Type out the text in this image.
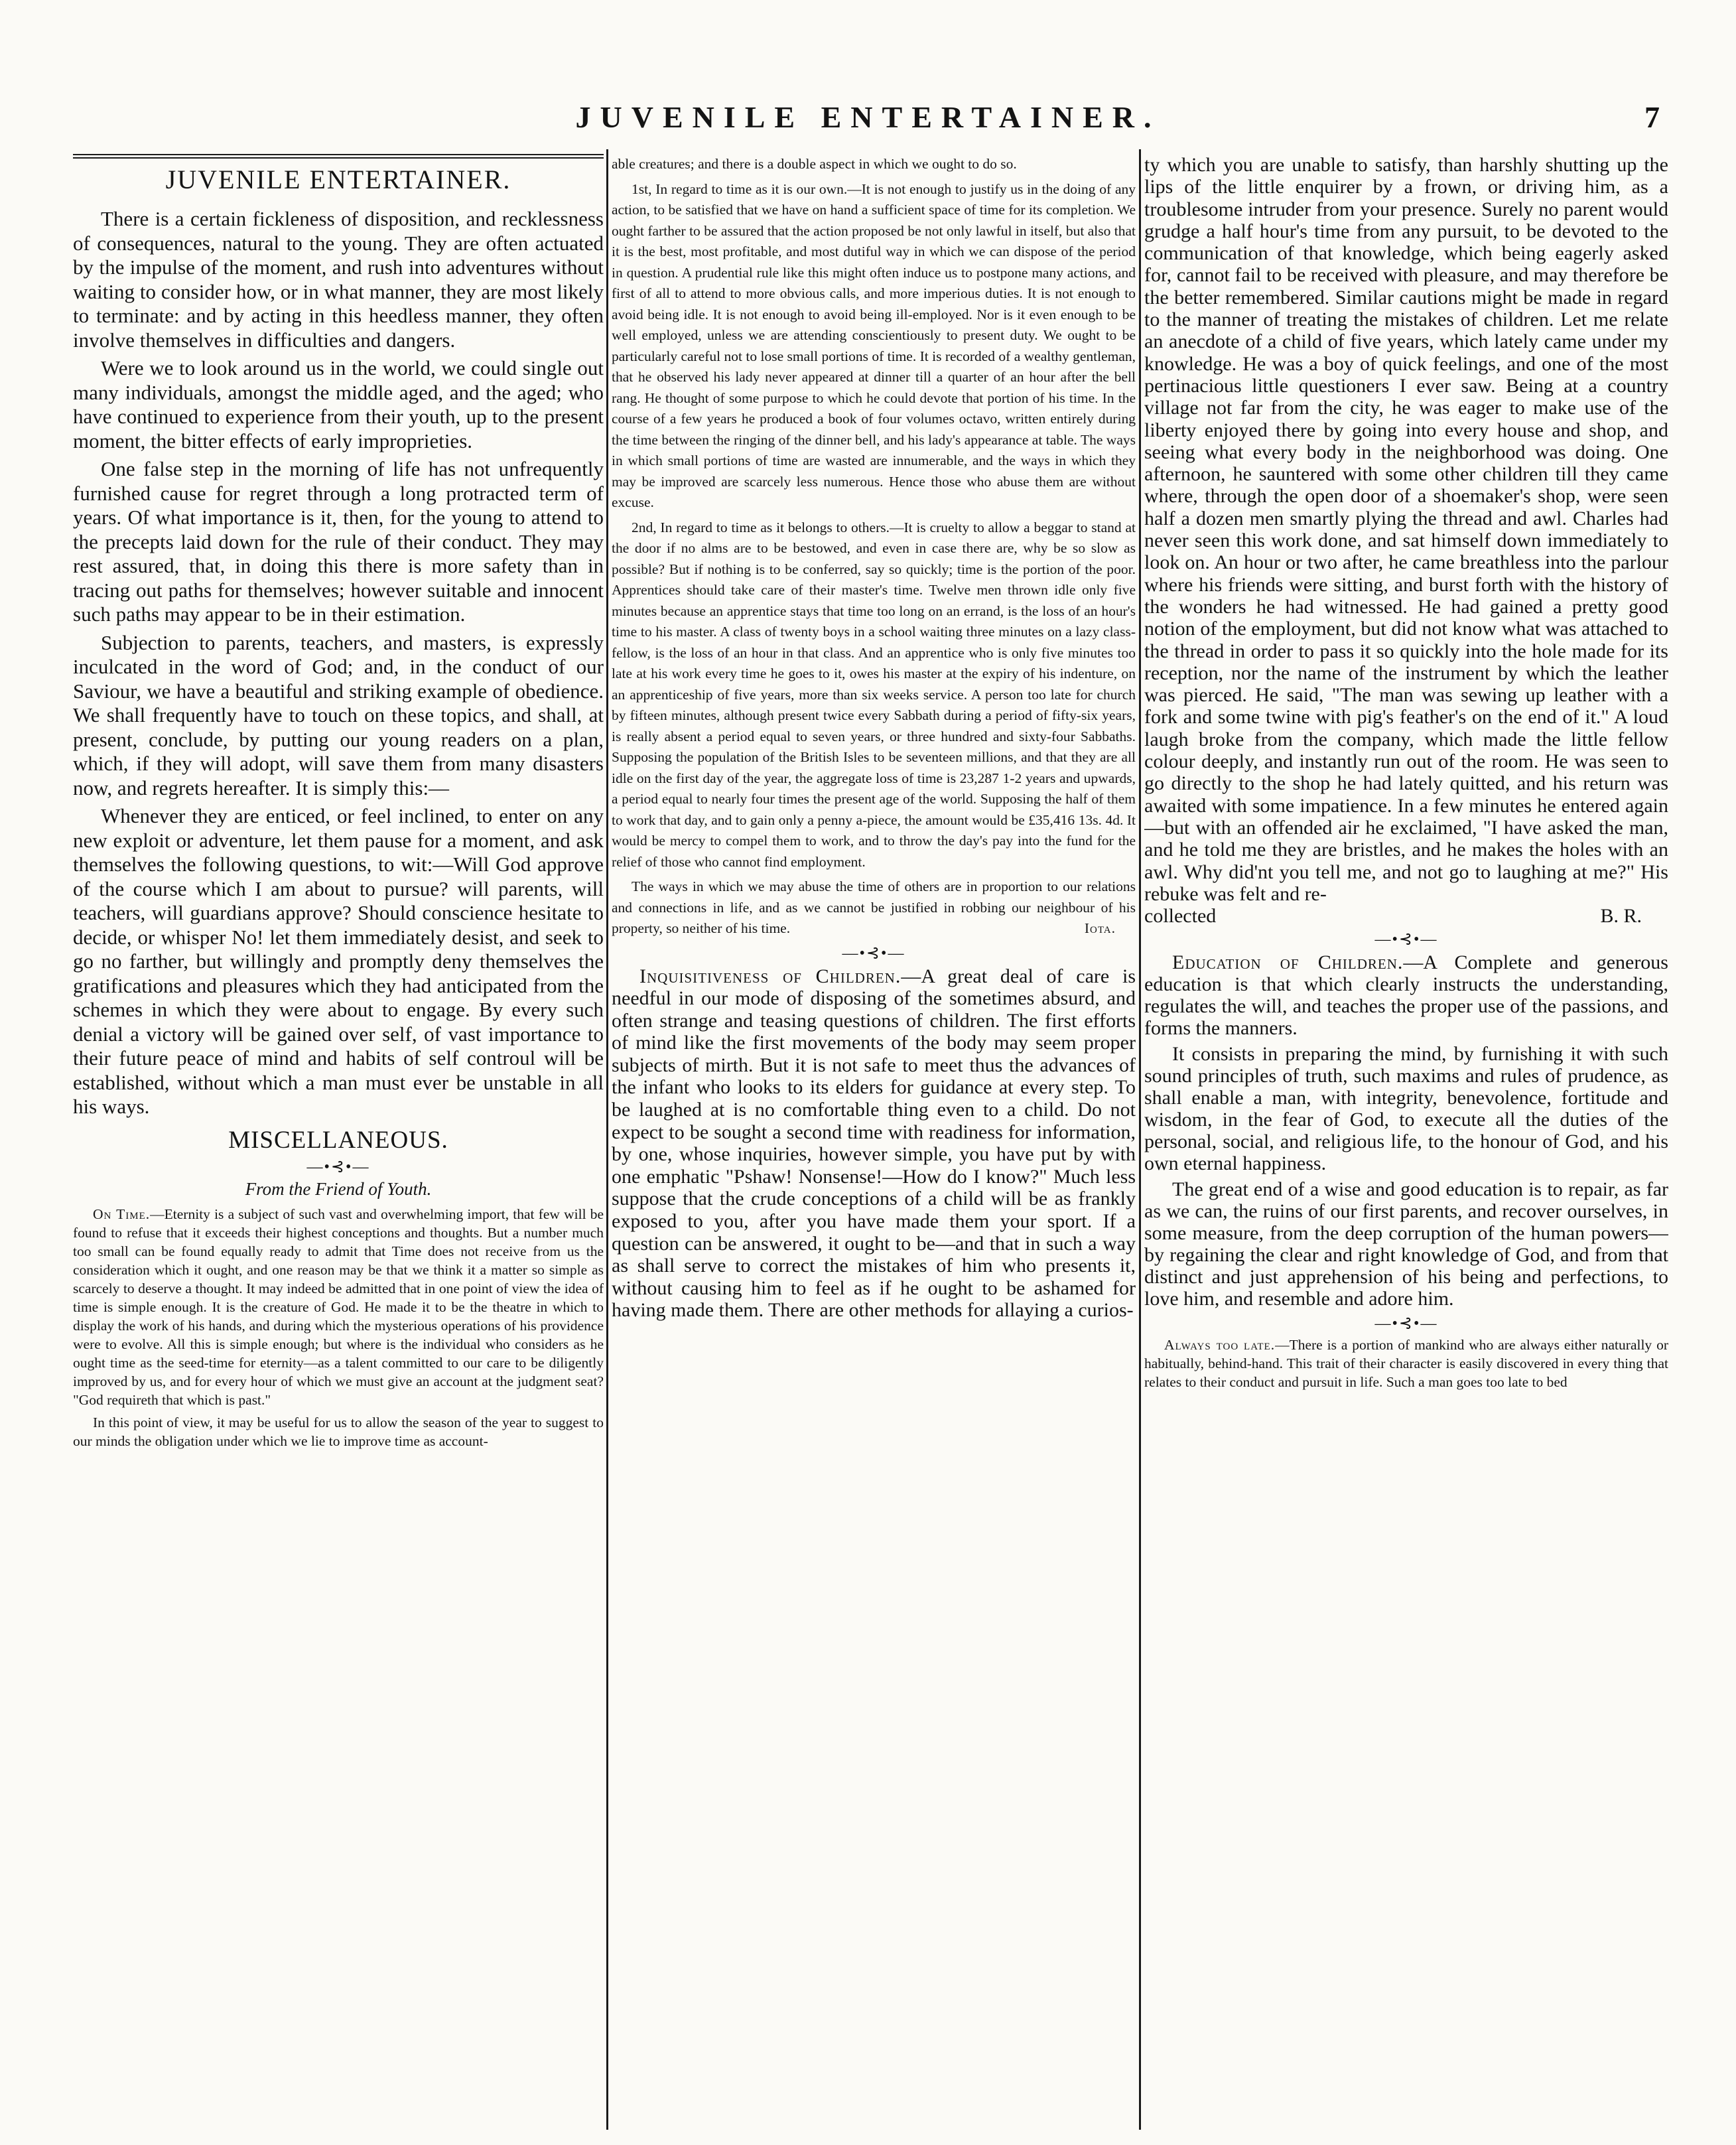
JUVENILE ENTERTAINER.	7
JUVENILE ENTERTAINER.

There is a certain fickleness of disposition, and recklessness of consequences, natural to the young. They are often actuated by the impulse of the moment, and rush into adventures without waiting to consider how, or in what manner, they are most likely to terminate: and by acting in this heedless manner, they often involve themselves in difficulties and dangers.

Were we to look around us in the world, we could single out many individuals, amongst the middle aged, and the aged; who have continued to experience from their youth, up to the present moment, the bitter effects of early improprieties.

One false step in the morning of life has not unfrequently furnished cause for regret through a long protracted term of years. Of what importance is it, then, for the young to attend to the precepts laid down for the rule of their conduct. They may rest assured, that, in doing this there is more safety than in tracing out paths for themselves; however suitable and innocent such paths may appear to be in their estimation.

Subjection to parents, teachers, and masters, is expressly inculcated in the word of God; and, in the conduct of our Saviour, we have a beautiful and striking example of obedience. We shall frequently have to touch on these topics, and shall, at present, conclude, by putting our young readers on a plan, which, if they will adopt, will save them from many disasters now, and regrets hereafter. It is simply this:—

Whenever they are enticed, or feel inclined, to enter on any new exploit or adventure, let them pause for a moment, and ask themselves the following questions, to wit:—Will God approve of the course which I am about to pursue? will parents, will teachers, will guardians approve? Should conscience hesitate to decide, or whisper No! let them immediately desist, and seek to go no farther, but willingly and promptly deny themselves the gratifications and pleasures which they had anticipated from the schemes in which they were about to engage. By every such denial a victory will be gained over self, of vast importance to their future peace of mind and habits of self controul will be established, without which a man must ever be unstable in all his ways.

MISCELLANEOUS.
—•⊰•—
From the Friend of Youth.

On Time.—Eternity is a subject of such vast and overwhelming import, that few will be found to refuse that it exceeds their highest conceptions and thoughts. But a number much too small can be found equally ready to admit that Time does not receive from us the consideration which it ought, and one reason may be that we think it a matter so simple as scarcely to deserve a thought. It may indeed be admitted that in one point of view the idea of time is simple enough. It is the creature of God. He made it to be the theatre in which to display the work of his hands, and during which the mysterious operations of his providence were to evolve. All this is simple enough; but where is the individual who considers as he ought time as the seed-time for eternity—as a talent committed to our care to be diligently improved by us, and for every hour of which we must give an account at the judgment seat? "God requireth that which is past."

In this point of view, it may be useful for us to allow the season of the year to suggest to our minds the obligation under which we lie to improve time as account-

able creatures; and there is a double aspect in which we ought to do so.

1st, In regard to time as it is our own.—It is not enough to justify us in the doing of any action, to be satisfied that we have on hand a sufficient space of time for its completion. We ought farther to be assured that the action proposed be not only lawful in itself, but also that it is the best, most profitable, and most dutiful way in which we can dispose of the period in question. A prudential rule like this might often induce us to postpone many actions, and first of all to attend to more obvious calls, and more imperious duties. It is not enough to avoid being idle. It is not enough to avoid being ill-employed. Nor is it even enough to be well employed, unless we are attending conscientiously to present duty. We ought to be particularly careful not to lose small portions of time. It is recorded of a wealthy gentleman, that he observed his lady never appeared at dinner till a quarter of an hour after the bell rang. He thought of some purpose to which he could devote that portion of his time. In the course of a few years he produced a book of four volumes octavo, written entirely during the time between the ringing of the dinner bell, and his lady's appearance at table. The ways in which small portions of time are wasted are innumerable, and the ways in which they may be improved are scarcely less numerous. Hence those who abuse them are without excuse.

2nd, In regard to time as it belongs to others.—It is cruelty to allow a beggar to stand at the door if no alms are to be bestowed, and even in case there are, why be so slow as possible? But if nothing is to be conferred, say so quickly; time is the portion of the poor. Apprentices should take care of their master's time. Twelve men thrown idle only five minutes because an apprentice stays that time too long on an errand, is the loss of an hour's time to his master. A class of twenty boys in a school waiting three minutes on a lazy class-fellow, is the loss of an hour in that class. And an apprentice who is only five minutes too late at his work every time he goes to it, owes his master at the expiry of his indenture, on an apprenticeship of five years, more than six weeks service. A person too late for church by fifteen minutes, although present twice every Sabbath during a period of fifty-six years, is really absent a period equal to seven years, or three hundred and sixty-four Sabbaths. Supposing the population of the British Isles to be seventeen millions, and that they are all idle on the first day of the year, the aggregate loss of time is 23,287 1-2 years and upwards, a period equal to nearly four times the present age of the world. Supposing the half of them to work that day, and to gain only a penny a-piece, the amount would be £35,416 13s. 4d. It would be mercy to compel them to work, and to throw the day's pay into the fund for the relief of those who cannot find employment.

The ways in which we may abuse the time of others are in proportion to our relations and connections in life, and as we cannot be justified in robbing our neighbour of his property, so neither of his time.	Iota.

—•⊰•—

Inquisitiveness of Children.—A great deal of care is needful in our mode of disposing of the sometimes absurd, and often strange and teasing questions of children. The first efforts of mind like the first movements of the body may seem proper subjects of mirth. But it is not safe to meet thus the advances of the infant who looks to its elders for guidance at every step. To be laughed at is no comfortable thing even to a child. Do not expect to be sought a second time with readiness for information, by one, whose inquiries, however simple, you have put by with one emphatic "Pshaw! Nonsense!—How do I know?" Much less suppose that the crude conceptions of a child will be as frankly exposed to you, after you have made them your sport. If a question can be answered, it ought to be—and that in such a way as shall serve to correct the mistakes of him who presents it, without causing him to feel as if he ought to be ashamed for having made them. There are other methods for allaying a curios-

ty which you are unable to satisfy, than harshly shutting up the lips of the little enquirer by a frown, or driving him, as a troublesome intruder from your presence. Surely no parent would grudge a half hour's time from any pursuit, to be devoted to the communication of that knowledge, which being eagerly asked for, cannot fail to be received with pleasure, and may therefore be the better remembered. Similar cautions might be made in regard to the manner of treating the mistakes of children. Let me relate an anecdote of a child of five years, which lately came under my knowledge. He was a boy of quick feelings, and one of the most pertinacious little questioners I ever saw. Being at a country village not far from the city, he was eager to make use of the liberty enjoyed there by going into every house and shop, and seeing what every body in the neighborhood was doing. One afternoon, he sauntered with some other children till they came where, through the open door of a shoemaker's shop, were seen half a dozen men smartly plying the thread and awl. Charles had never seen this work done, and sat himself down immediately to look on. An hour or two after, he came breathless into the parlour where his friends were sitting, and burst forth with the history of the wonders he had witnessed. He had gained a pretty good notion of the employment, but did not know what was attached to the thread in order to pass it so quickly into the hole made for its reception, nor the name of the instrument by which the leather was pierced. He said, "The man was sewing up leather with a fork and some twine with pig's feather's on the end of it." A loud laugh broke from the company, which made the little fellow colour deeply, and instantly run out of the room. He was seen to go directly to the shop he had lately quitted, and his return was awaited with some impatience. In a few minutes he entered again—but with an offended air he exclaimed, "I have asked the man, and he told me they are bristles, and he makes the holes with an awl. Why did'nt you tell me, and not go to laughing at me?" His rebuke was felt and re-

collected	B. R.
—•⊰•—

Education of Children.—A Complete and generous education is that which clearly instructs the understanding, regulates the will, and teaches the proper use of the passions, and forms the manners.

It consists in preparing the mind, by furnishing it with such sound principles of truth, such maxims and rules of prudence, as shall enable a man, with integrity, benevolence, fortitude and wisdom, in the fear of God, to execute all the duties of the personal, social, and religious life, to the honour of God, and his own eternal happiness.

The great end of a wise and good education is to repair, as far as we can, the ruins of our first parents, and recover ourselves, in some measure, from the deep corruption of the human powers—by regaining the clear and right knowledge of God, and from that distinct and just apprehension of his being and perfections, to love him, and resemble and adore him.

—•⊰•—

Always too late.—There is a portion of mankind who are always either naturally or habitually, behind-hand. This trait of their character is easily discovered in every thing that relates to their conduct and pursuit in life. Such a man goes too late to bed
